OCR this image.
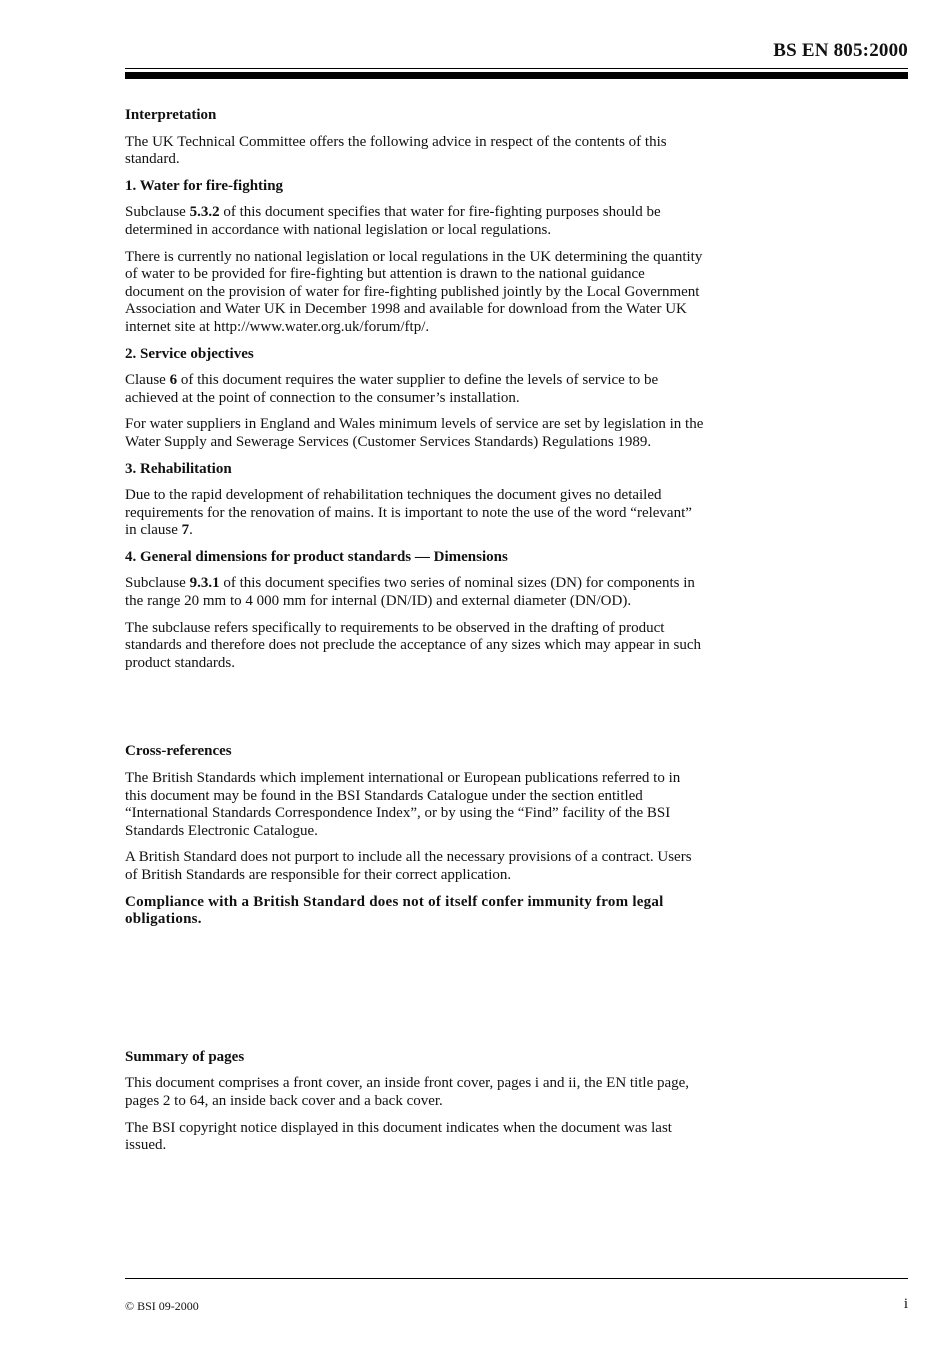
BS EN 805:2000
Interpretation

The UK Technical Committee offers the following advice in respect of the contents of this standard.

1. Water for fire-fighting

Subclause 5.3.2 of this document specifies that water for fire-fighting purposes should be determined in accordance with national legislation or local regulations.

There is currently no national legislation or local regulations in the UK determining the quantity of water to be provided for fire-fighting but attention is drawn to the national guidance document on the provision of water for fire-fighting published jointly by the Local Government Association and Water UK in December 1998 and available for download from the Water UK internet site at http://www.water.org.uk/forum/ftp/.

2. Service objectives

Clause 6 of this document requires the water supplier to define the levels of service to be achieved at the point of connection to the consumer’s installation.

For water suppliers in England and Wales minimum levels of service are set by legislation in the Water Supply and Sewerage Services (Customer Services Standards) Regulations 1989.

3. Rehabilitation

Due to the rapid development of rehabilitation techniques the document gives no detailed requirements for the renovation of mains. It is important to note the use of the word “relevant” in clause 7.

4. General dimensions for product standards — Dimensions

Subclause 9.3.1 of this document specifies two series of nominal sizes (DN) for components in the range 20 mm to 4 000 mm for internal (DN/ID) and external diameter (DN/OD).

The subclause refers specifically to requirements to be observed in the drafting of product standards and therefore does not preclude the acceptance of any sizes which may appear in such product standards.

Cross-references

The British Standards which implement international or European publications referred to in this document may be found in the BSI Standards Catalogue under the section entitled “International Standards Correspondence Index”, or by using the “Find” facility of the BSI Standards Electronic Catalogue.

A British Standard does not purport to include all the necessary provisions of a contract. Users of British Standards are responsible for their correct application.

Compliance with a British Standard does not of itself confer immunity from legal obligations.

Summary of pages

This document comprises a front cover, an inside front cover, pages i and ii, the EN title page, pages 2 to 64, an inside back cover and a back cover.

The BSI copyright notice displayed in this document indicates when the document was last issued.

© BSI 09-2000	i
